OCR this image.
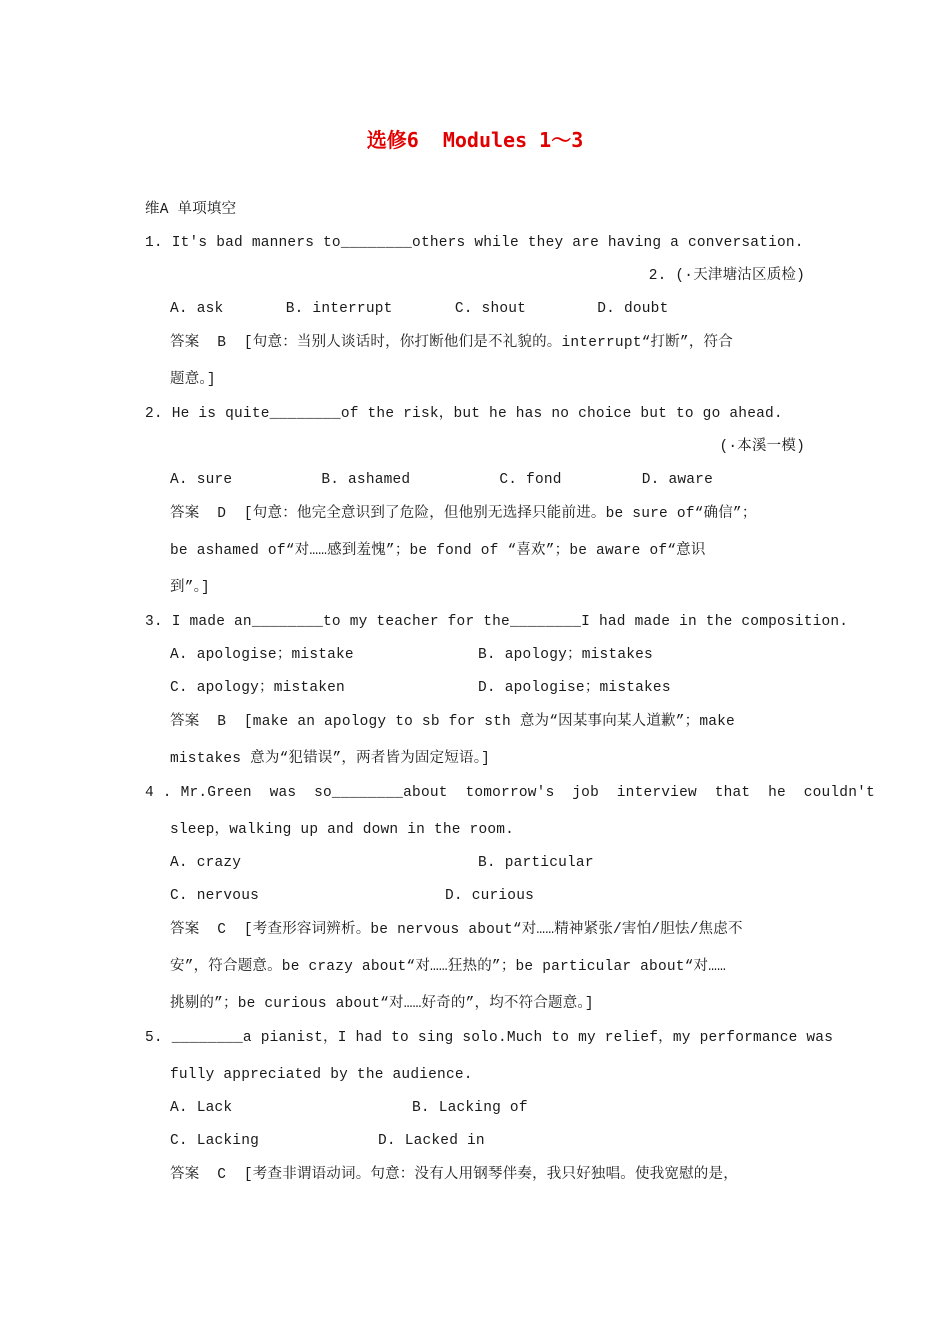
选修6  Modules 1～3
维A 单项填空
1. It's bad manners to________others while they are having a conversation.
2. (·天津塘沽区质检)
A. ask       B. interrupt       C. shout        D. doubt
答案  B  [句意：当别人谈话时，你打断他们是不礼貌的。interrupt“打断”，符合
题意。]
2. He is quite________of the risk，but he has no choice but to go ahead.
(·本溪一模)
A. sure          B. ashamed          C. fond         D. aware
答案  D  [句意：他完全意识到了危险，但他别无选择只能前进。be sure of“确信”；
be ashamed of“对……感到羞愧”；be fond of “喜欢”；be aware of“意识
到”。]
3. I made an________to my teacher for the________I had made in the composition.
A. apologise；mistake	B. apology；mistakes
C. apology；mistaken	D. apologise；mistakes
答案  B  [make an apology to sb for sth 意为“因某事向某人道歉”；make
mistakes 意为“犯错误”，两者皆为固定短语。]
4 . Mr.Green  was  so________about  tomorrow's  job  interview  that  he  couldn't
sleep，walking up and down in the room.
A. crazy	B. particular
C. nervous	D. curious
答案  C  [考查形容词辨析。be nervous about“对……精神紧张/害怕/胆怯/焦虑不
安”，符合题意。be crazy about“对……狂热的”；be particular about“对……
挑剔的”；be curious about“对……好奇的”，均不符合题意。]
5. ________a pianist，I had to sing solo.Much to my relief，my performance was
fully appreciated by the audience.
A. Lack	B. Lacking of
C. Lacking	D. Lacked in
答案  C  [考查非谓语动词。句意：没有人用钢琴伴奏，我只好独唱。使我宽慰的是，
